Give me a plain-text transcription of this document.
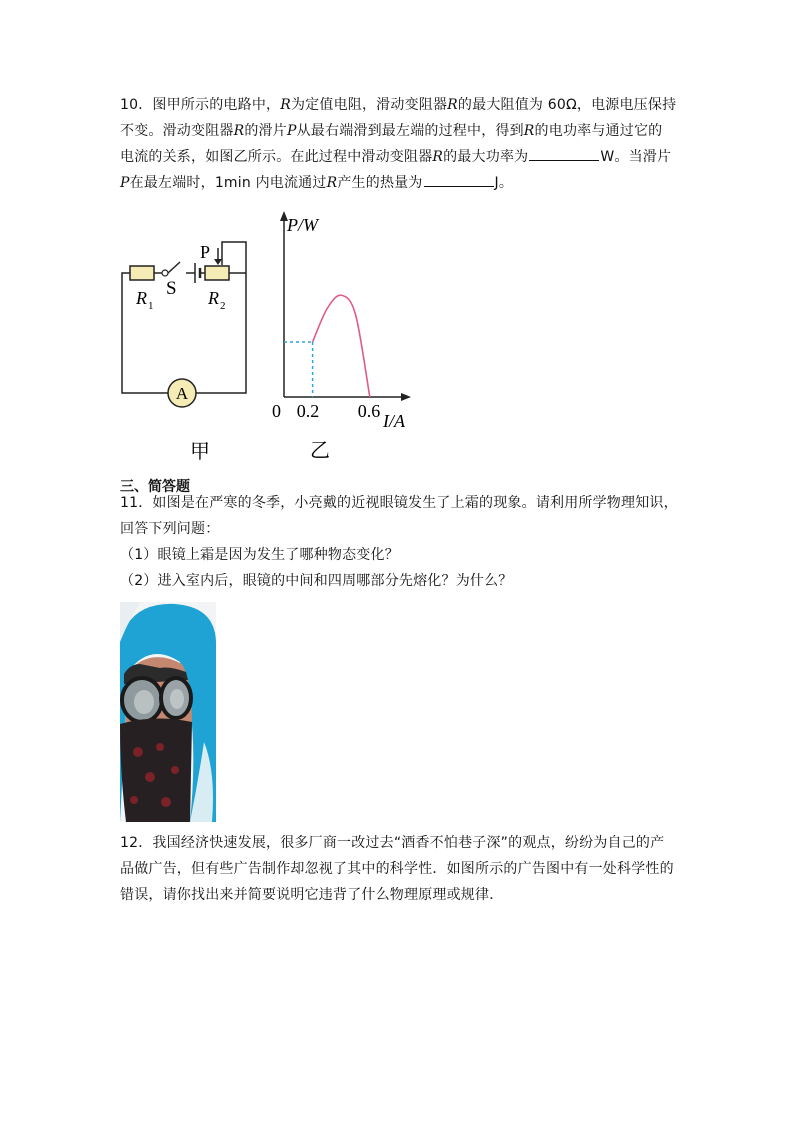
10．图甲所示的电路中，R为定值电阻，滑动变阻器R的最大阻值为 60Ω，电源电压保持
不变。滑动变阻器R的滑片P从最右端滑到最左端的过程中，得到R的电功率与通过它的
电流的关系，如图乙所示。在此过程中滑动变阻器R的最大功率为	W。当滑片
P在最左端时，1min 内电流通过R产生的热量为	J。
A
R 1
S
P
R 2
甲
P/W
I/A
0 0.2 0.6
乙
三、简答题
11．如图是在严寒的冬季，小亮戴的近视眼镜发生了上霜的现象。请利用所学物理知识，
回答下列问题：
（1）眼镜上霜是因为发生了哪种物态变化？
（2）进入室内后，眼镜的中间和四周哪部分先熔化？为什么？
12．我国经济快速发展，很多厂商一改过去“酒香不怕巷子深”的观点，纷纷为自己的产
品做广告，但有些广告制作却忽视了其中的科学性．如图所示的广告图中有一处科学性的
错误，请你找出来并简要说明它违背了什么物理原理或规律．
